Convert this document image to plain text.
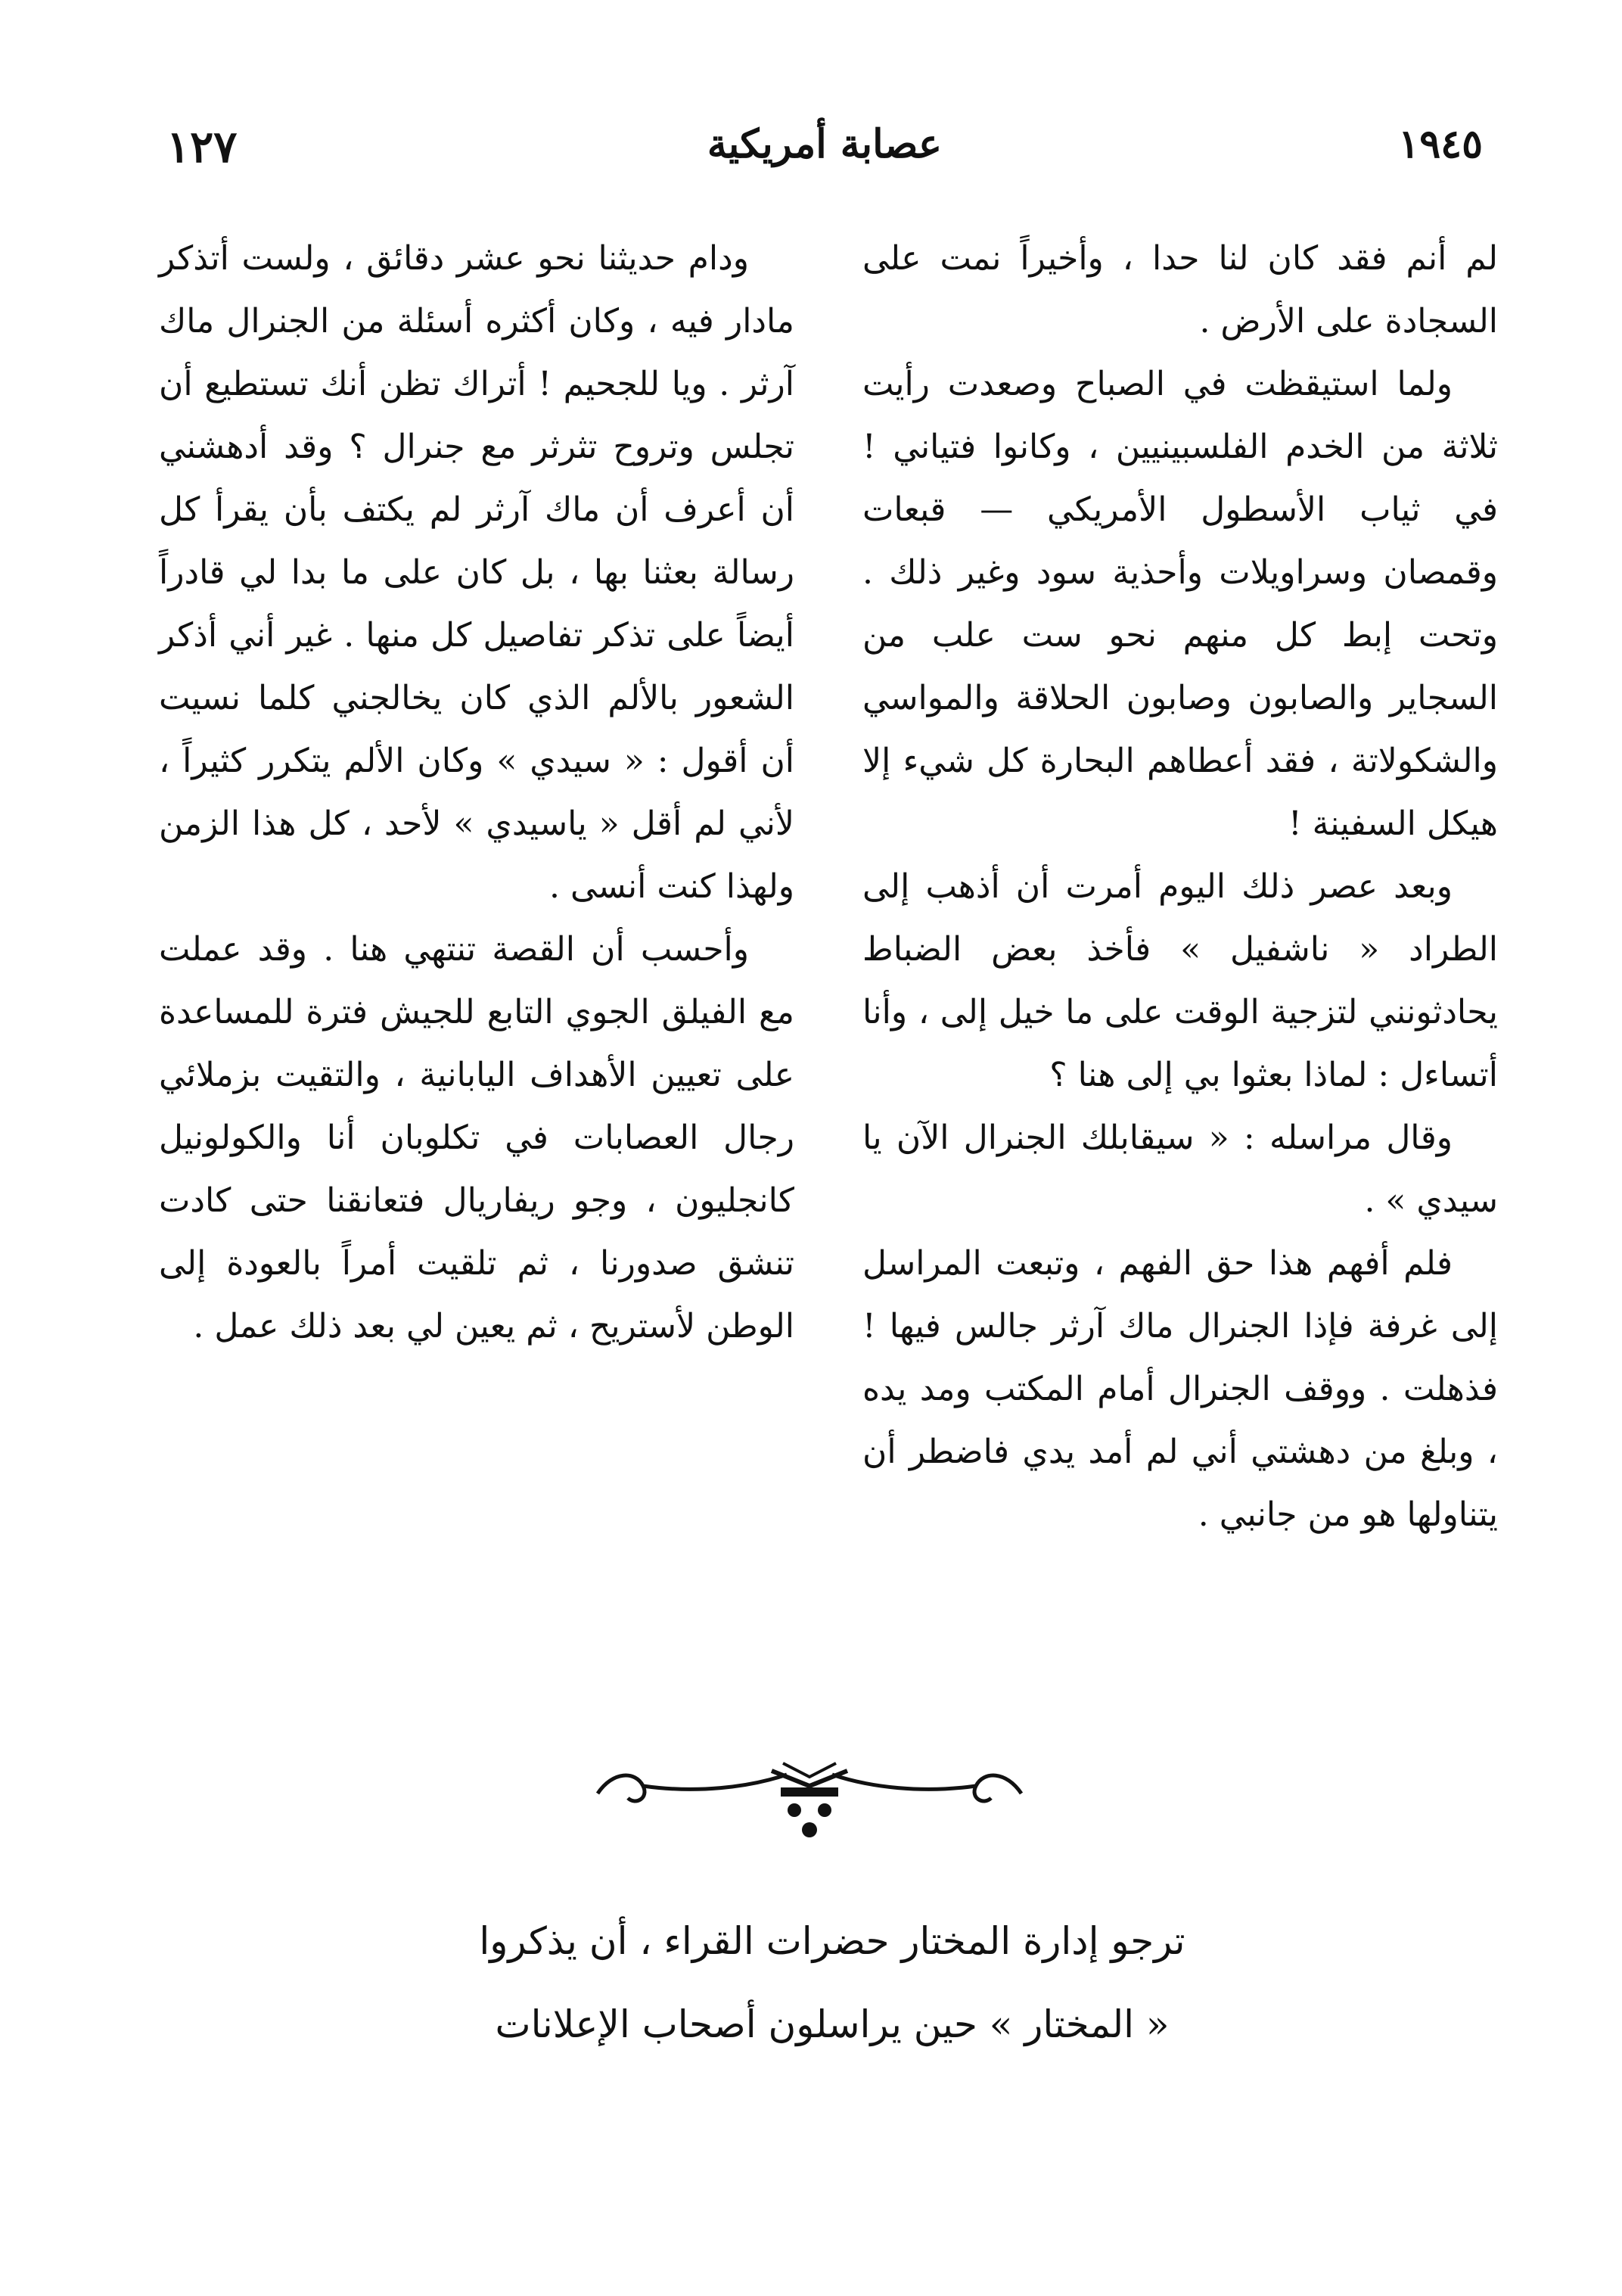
١٢٧	عصابة أمريكية	١٩٤٥

لم أنم فقد كان لنا حدا ، وأخيراً نمت على السجادة على الأرض .

ولما استيقظت في الصباح وصعدت رأيت ثلاثة من الخدم الفلسبينيين ، وكانوا فتياني ! في ثياب الأسطول الأمريكي — قبعات وقمصان وسراويلات وأحذية سود وغير ذلك . وتحت إبط كل منهم نحو ست علب من السجاير والصابون وصابون الحلاقة والمواسي والشكولاتة ، فقد أعطاهم البحارة كل شيء إلا هيكل السفينة !

وبعد عصر ذلك اليوم أمرت أن أذهب إلى الطراد « ناشفيل » فأخذ بعض الضباط يحادثونني لتزجية الوقت على ما خيل إلى ، وأنا أتساءل : لماذا بعثوا بي إلى هنا ؟

وقال مراسله : « سيقابلك الجنرال الآن يا سيدي » .

فلم أفهم هذا حق الفهم ، وتبعت المراسل إلى غرفة فإذا الجنرال ماك آرثر جالس فيها ! فذهلت . ووقف الجنرال أمام المكتب ومد يده ، وبلغ من دهشتي أني لم أمد يدي فاضطر أن يتناولها هو من جانبي .

ودام حديثنا نحو عشر دقائق ، ولست أتذكر مادار فيه ، وكان أكثره أسئلة من الجنرال ماك آرثر . ويا للجحيم ! أتراك تظن أنك تستطيع أن تجلس وتروح تثرثر مع جنرال ؟ وقد أدهشني أن أعرف أن ماك آرثر لم يكتف بأن يقرأ كل رسالة بعثنا بها ، بل كان على ما بدا لي قادراً أيضاً على تذكر تفاصيل كل منها . غير أني أذكر الشعور بالألم الذي كان يخالجني كلما نسيت أن أقول : « سيدي » وكان الألم يتكرر كثيراً ، لأني لم أقل « ياسيدي » لأحد ، كل هذا الزمن ولهذا كنت أنسى .

وأحسب أن القصة تنتهي هنا . وقد عملت مع الفيلق الجوي التابع للجيش فترة للمساعدة على تعيين الأهداف اليابانية ، والتقيت بزملائي رجال العصابات في تكلوبان أنا والكولونيل كانجليون ، وجو ريفاريال فتعانقنا حتى كادت تنشق صدورنا ، ثم تلقيت أمراً بالعودة إلى الوطن لأستريح ، ثم يعين لي بعد ذلك عمل .

ترجو إدارة المختار حضرات القراء ، أن يذكروا
« المختار » حين يراسلون أصحاب الإعلانات
